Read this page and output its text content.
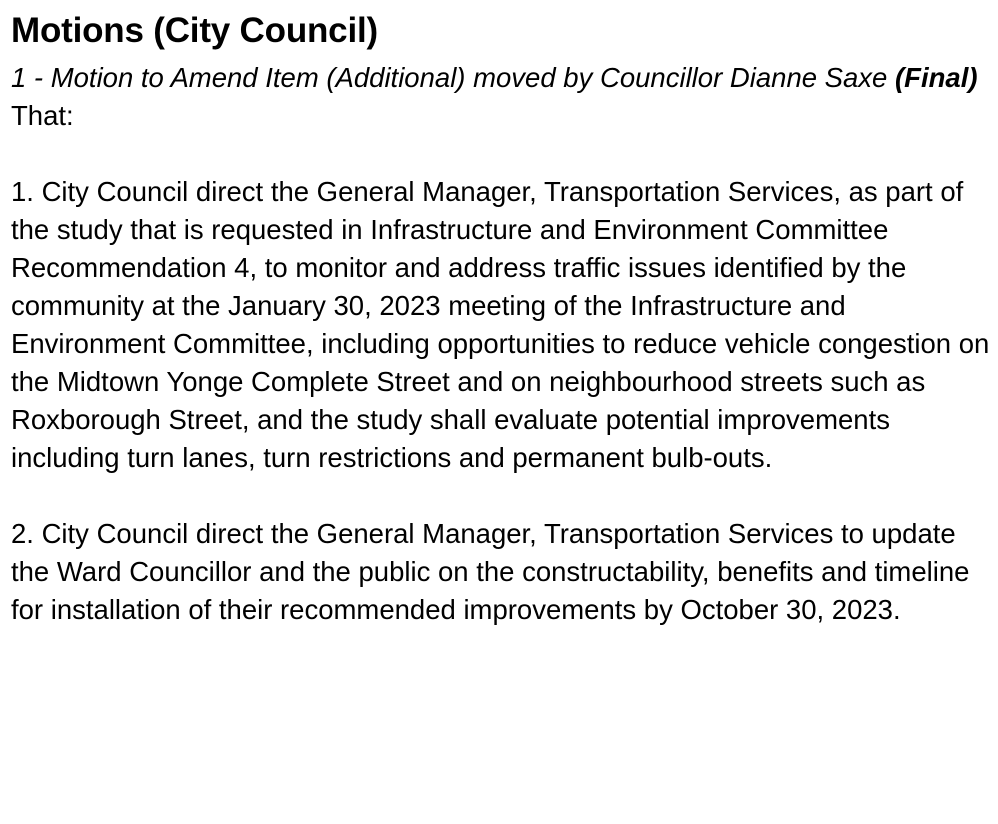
Motions (City Council)

1 - Motion to Amend Item (Additional) moved by Councillor Dianne Saxe (Final)

That:

1. City Council direct the General Manager, Transportation Services, as part of the study that is requested in Infrastructure and Environment Committee Recommendation 4, to monitor and address traffic issues identified by the community at the January 30, 2023 meeting of the Infrastructure and Environment Committee, including opportunities to reduce vehicle congestion on the Midtown Yonge Complete Street and on neighbourhood streets such as Roxborough Street, and the study shall evaluate potential improvements including turn lanes, turn restrictions and permanent bulb-outs.

2. City Council direct the General Manager, Transportation Services to update the Ward Councillor and the public on the constructability, benefits and timeline for installation of their recommended improvements by October 30, 2023.
